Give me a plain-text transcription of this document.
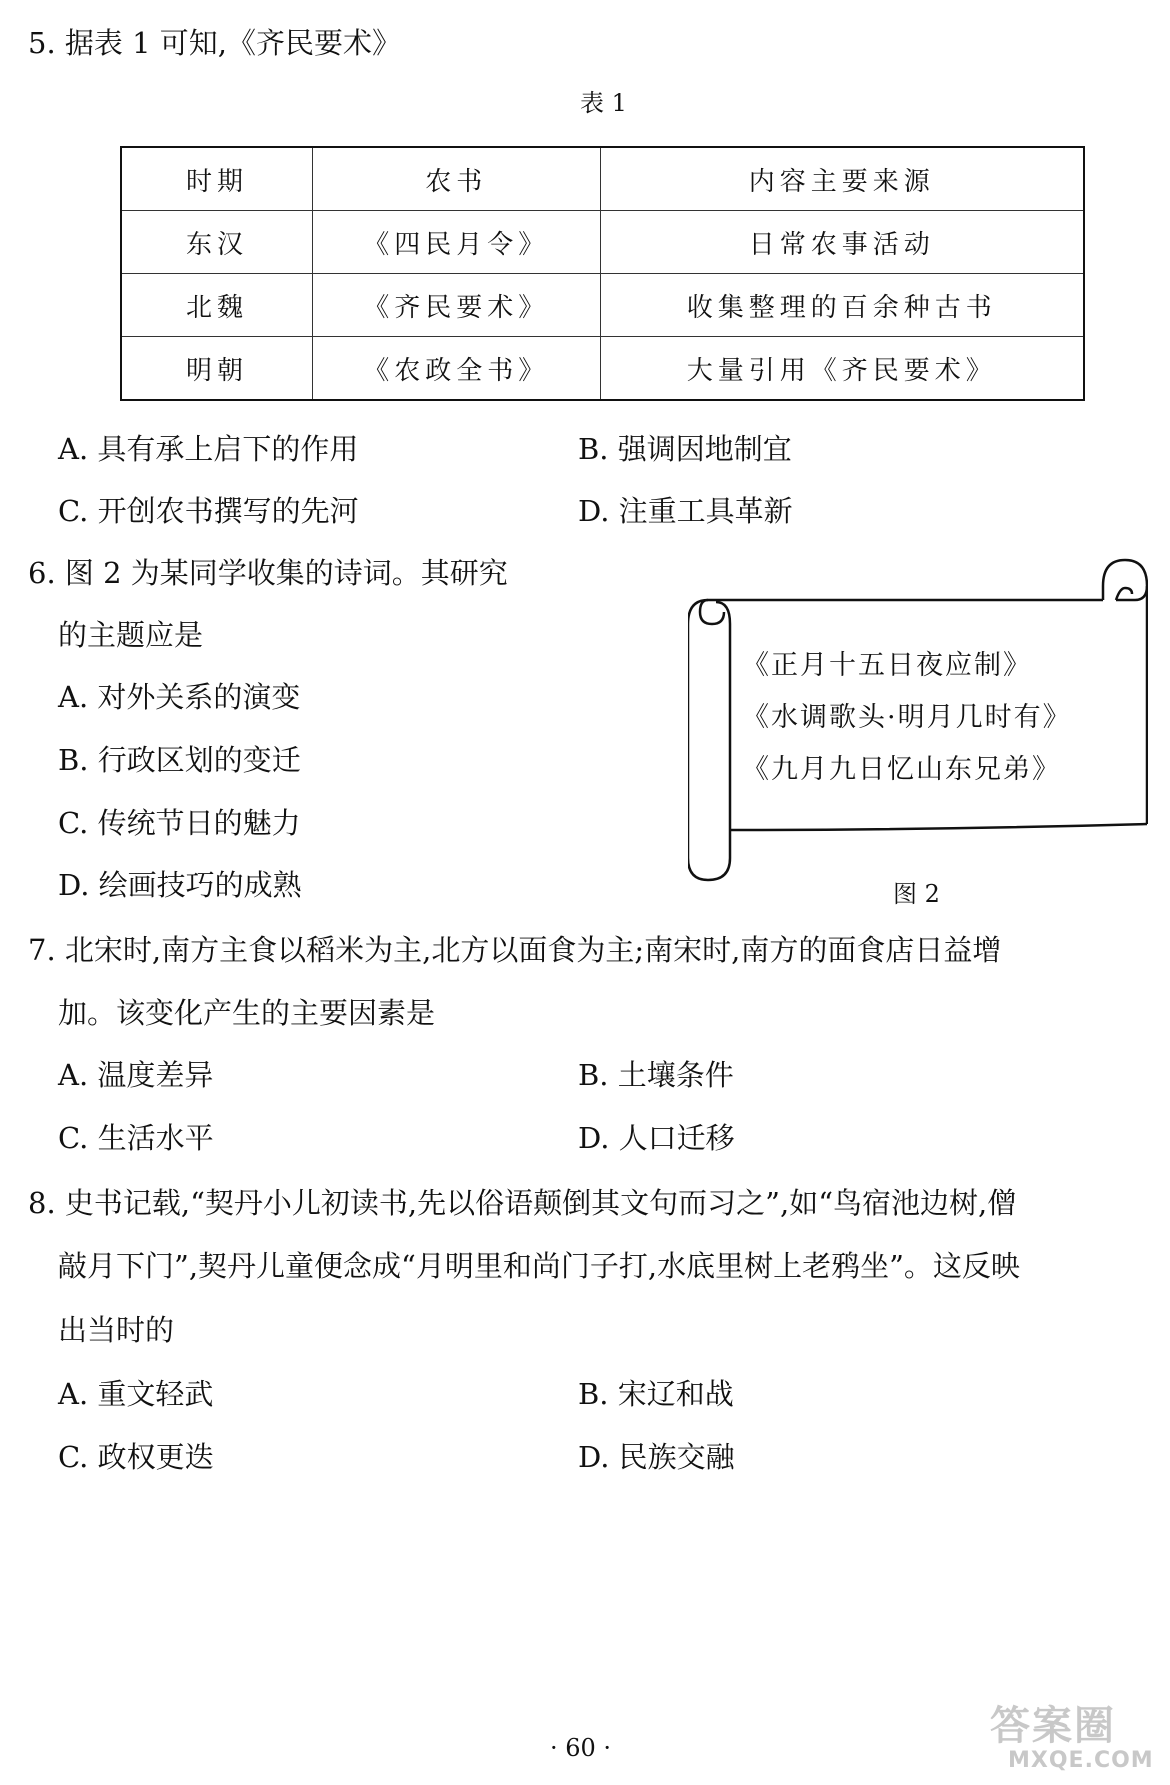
5. 据表 1 可知,《齐民要术》
表 1
时期	农书	内容主要来源
东汉	《四民月令》	日常农事活动
北魏	《齐民要术》	收集整理的百余种古书
明朝	《农政全书》	大量引用《齐民要术》
A. 具有承上启下的作用	B. 强调因地制宜
C. 开创农书撰写的先河	D. 注重工具革新
6. 图 2 为某同学收集的诗词。其研究
的主题应是
A. 对外关系的演变
B. 行政区划的变迁
C. 传统节日的魅力
D. 绘画技巧的成熟
《正月十五日夜应制》
《水调歌头·明月几时有》
《九月九日忆山东兄弟》
图 2
7. 北宋时,南方主食以稻米为主,北方以面食为主;南宋时,南方的面食店日益增
加。该变化产生的主要因素是
A. 温度差异	B. 土壤条件
C. 生活水平	D. 人口迁移
8. 史书记载,“契丹小儿初读书,先以俗语颠倒其文句而习之”,如“鸟宿池边树,僧
敲月下门”,契丹儿童便念成“月明里和尚门子打,水底里树上老鸦坐”。这反映
出当时的
A. 重文轻武	B. 宋辽和战
C. 政权更迭	D. 民族交融
· 60 ·	答案圈
MXQE.COM
